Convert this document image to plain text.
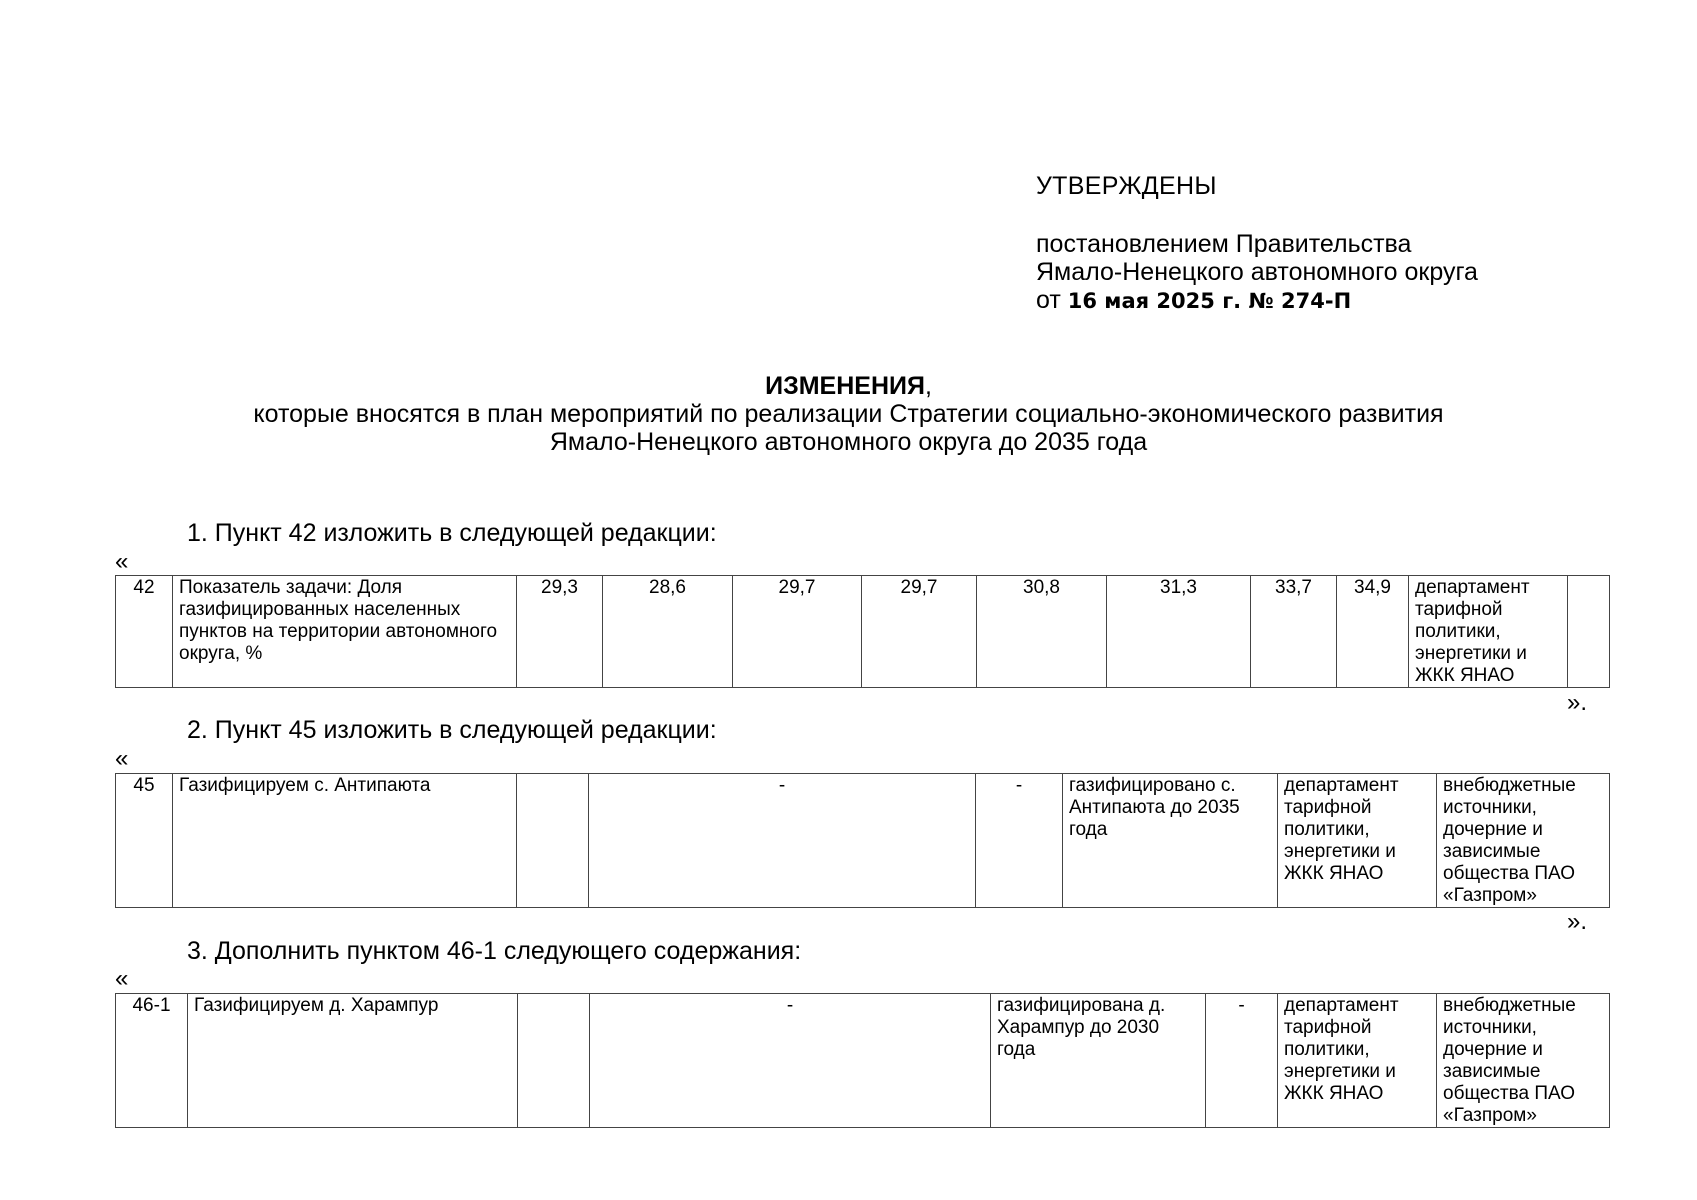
УТВЕРЖДЕНЫ
постановлением Правительства
Ямало-Ненецкого автономного округа
от 16 мая 2025 г. № 274-П
ИЗМЕНЕНИЯ,
которые вносятся в план мероприятий по реализации Стратегии социально-экономического развития
Ямало-Ненецкого автономного округа до 2035 года
1. Пункт 42 изложить в следующей редакции:
«
42	Показатель задачи: Доля газифицированных населенных пунктов на территории автономного округа, %	29,3	28,6	29,7	29,7	30,8	31,3	33,7	34,9	департамент тарифной политики, энергетики и ЖКК ЯНАО	
».
2. Пункт 45 изложить в следующей редакции:
«
45	Газифицируем с. Антипаюта		-	-	газифицировано с. Антипаюта до 2035 года	департамент тарифной политики, энергетики и ЖКК ЯНАО	внебюджетные источники, дочерние и зависимые общества ПАО «Газпром»
».
3. Дополнить пунктом 46-1 следующего содержания:
«
46-1	Газифицируем д. Харампур		-	газифицирована д. Харампур до 2030 года	-	департамент тарифной политики, энергетики и ЖКК ЯНАО	внебюджетные источники, дочерние и зависимые общества ПАО «Газпром»
